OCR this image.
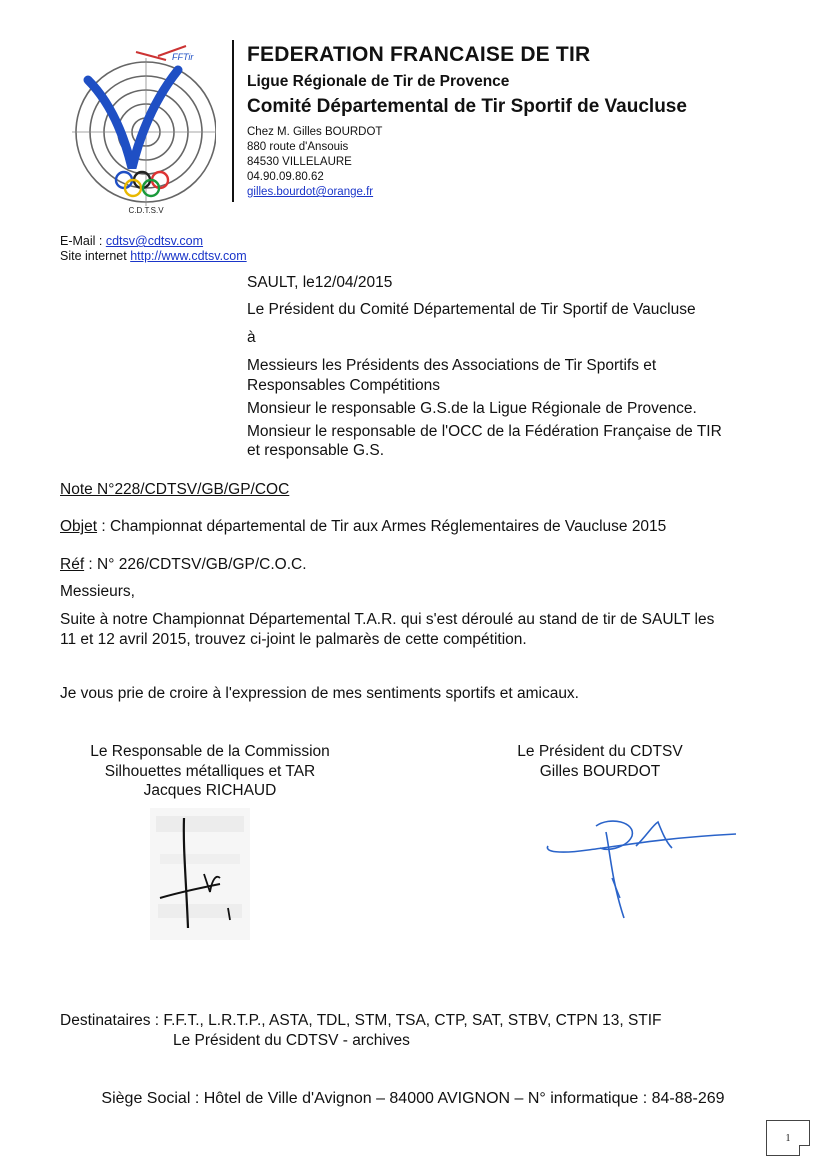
FFTir
C.D.T.S.V
FEDERATION FRANCAISE DE TIR
Ligue Régionale de Tir de Provence
Comité Départemental de Tir Sportif de Vaucluse
Chez M. Gilles BOURDOT
880 route d'Ansouis
84530 VILLELAURE
04.90.09.80.62
gilles.bourdot@orange.fr
E-Mail : cdtsv@cdtsv.com
Site internet http://www.cdtsv.com
SAULT, le12/04/2015
Le Président du Comité Départemental de Tir Sportif de Vaucluse
à
Messieurs les Présidents des Associations de Tir Sportifs et
Responsables Compétitions
Monsieur le responsable G.S.de la Ligue Régionale de Provence.
Monsieur le responsable de l'OCC de la Fédération Française de TIR
et responsable G.S.
Note N°228/CDTSV/GB/GP/COC
Objet : Championnat départemental de Tir aux Armes Réglementaires de Vaucluse 2015
Réf : N° 226/CDTSV/GB/GP/C.O.C.
Messieurs,
Suite à notre Championnat Départemental T.A.R. qui s'est déroulé au stand de tir de SAULT les
11 et 12 avril 2015, trouvez ci-joint le palmarès de cette compétition.
Je vous prie de croire à l'expression de mes sentiments sportifs et amicaux.
Le Responsable de la Commission
Silhouettes métalliques et TAR
Jacques RICHAUD
Le Président du CDTSV
Gilles BOURDOT
Destinataires : F.F.T., L.R.T.P., ASTA, TDL, STM, TSA, CTP, SAT, STBV, CTPN 13, STIF
Le Président du CDTSV - archives
Siège Social : Hôtel de Ville d'Avignon – 84000 AVIGNON – N° informatique : 84-88-269
1
